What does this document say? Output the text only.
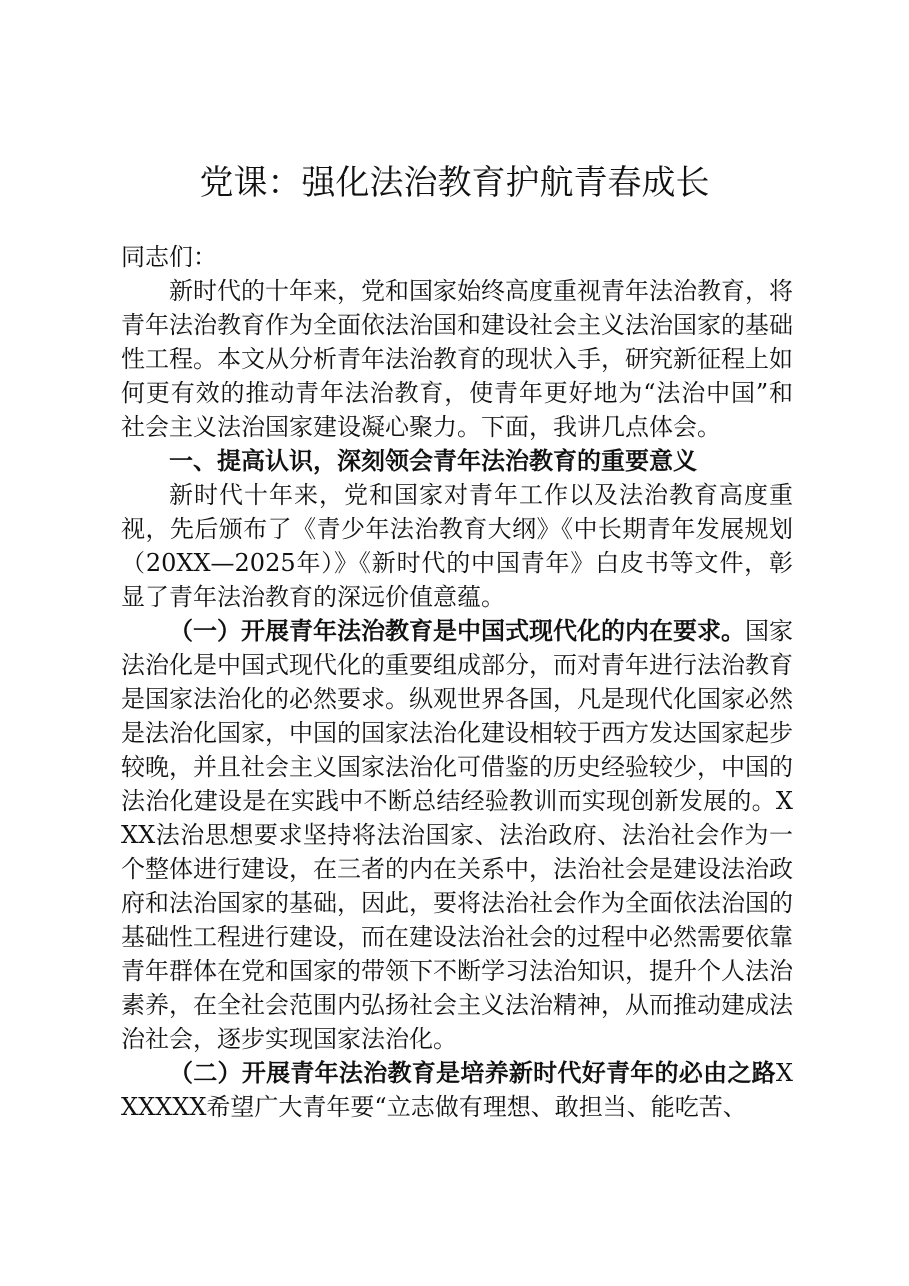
党课：强化法治教育护航青春成长

同志们：

新时代的十年来，党和国家始终高度重视青年法治教育，将青年法治教育作为全面依法治国和建设社会主义法治国家的基础性工程。本文从分析青年法治教育的现状入手，研究新征程上如何更有效的推动青年法治教育，使青年更好地为“法治中国”和社会主义法治国家建设凝心聚力。下面，我讲几点体会。

一、提高认识，深刻领会青年法治教育的重要意义

新时代十年来，党和国家对青年工作以及法治教育高度重视，先后颁布了《青少年法治教育大纲》《中长期青年发展规划（20XX—2025年）》《新时代的中国青年》白皮书等文件，彰显了青年法治教育的深远价值意蕴。

（一）开展青年法治教育是中国式现代化的内在要求。国家法治化是中国式现代化的重要组成部分，而对青年进行法治教育是国家法治化的必然要求。纵观世界各国，凡是现代化国家必然是法治化国家，中国的国家法治化建设相较于西方发达国家起步较晚，并且社会主义国家法治化可借鉴的历史经验较少，中国的法治化建设是在实践中不断总结经验教训而实现创新发展的。XXX法治思想要求坚持将法治国家、法治政府、法治社会作为一个整体进行建设，在三者的内在关系中，法治社会是建设法治政府和法治国家的基础，因此，要将法治社会作为全面依法治国的基础性工程进行建设，而在建设法治社会的过程中必然需要依靠青年群体在党和国家的带领下不断学习法治知识，提升个人法治素养，在全社会范围内弘扬社会主义法治精神，从而推动建成法治社会，逐步实现国家法治化。

（二）开展青年法治教育是培养新时代好青年的必由之路XXXXXX希望广大青年要“立志做有理想、敢担当、能吃苦、
